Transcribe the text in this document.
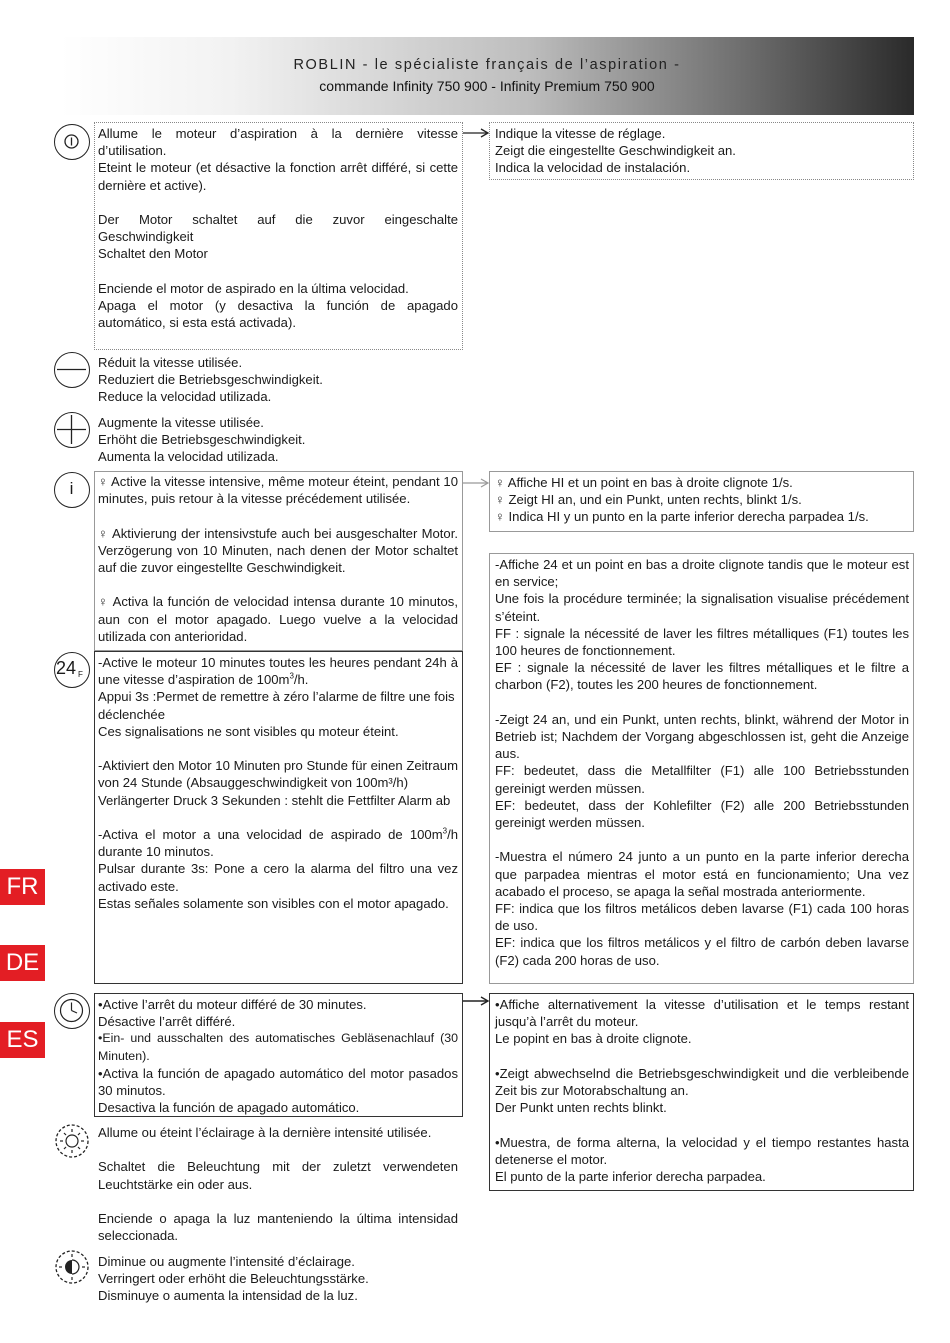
ROBLIN - le spécialiste français de l’aspiration -
commande Infinity 750 900 - Infinity Premium 750 900
FR
DE
ES

Allume le moteur d’aspiration à la dernière vitesse d’utilisation.

Eteint le moteur (et désactive la fonction arrêt différé, si cette dernière et active).

Der Motor schaltet auf die zuvor eingeschalte Geschwindigkeit

Schaltet den Motor

Enciende el motor de aspirado en la última velocidad.

Apaga el motor (y desactiva la función de apagado automático, si esta está activada).

Indique la vitesse de réglage.

Zeigt die eingestellte Geschwindigkeit an.

Indica la velocidad de instalación.

Réduit la vitesse utilisée.

Reduziert die Betriebsgeschwindigkeit.

Reduce la velocidad utilizada.

Augmente la vitesse utilisée.

Erhöht die Betriebsgeschwindigkeit.

Aumenta la velocidad utilizada.

i	♀ Active la vitesse intensive, même moteur éteint, pendant 10 minutes, puis retour à la vitesse précédement utilisée.

♀ Aktivierung der intensivstufe auch bei ausgeschalter Motor. Verzögerung von 10 Minuten, nach denen der Motor schaltet auf die zuvor eingestellte Geschwindigkeit.

♀ Activa la función de velocidad intensa durante 10 minutos, aun con el motor apagado. Luego vuelve a la velocidad utilizada con anterioridad.

♀ Affiche HI et un point en bas à droite clignote 1/s.

♀ Zeigt HI an, und ein Punkt, unten rechts, blinkt 1/s.

♀ Indica HI y un punto en la parte inferior derecha parpadea 1/s.

24 F

-Active le moteur 10 minutes toutes les heures pendant 24h à une vitesse d’aspiration de $100m^3/h$.

Appui 3s :Permet de remettre à zéro l’alarme de filtre une fois déclenchée

Ces signalisations ne sont visibles qu moteur éteint.

-Aktiviert den Motor 10 Minuten pro Stunde für einen Zeitraum von 24 Stunde (Absauggeschwindigkeit von 100m³/h)

Verlängerter Druck 3 Sekunden : stehlt die Fettfilter Alarm ab

-Activa el motor a una velocidad de aspirado de $100m^3/h$ durante 10 minutos.

Pulsar durante 3s: Pone a cero la alarma del filtro una vez activado este.

Estas señales solamente son visibles con el motor apagado.

-Affiche 24 et un point en bas a droite clignote tandis que le moteur est en service;

Une fois la procédure terminée; la signalisation visualise précédement s’éteint.

FF : signale la nécessité de laver les filtres métalliques (F1) toutes les 100 heures de fonctionnement.

EF : signale la nécessité de laver les filtres métalliques et le filtre a charbon (F2), toutes les 200 heures de fonctionnement.

-Zeigt 24 an, und ein Punkt, unten rechts, blinkt, während der Motor in Betrieb ist; Nachdem der Vorgang abgeschlossen ist, geht die Anzeige aus.

FF: bedeutet, dass die Metallfilter (F1) alle 100 Betriebsstunden gereinigt werden müssen.

EF: bedeutet, dass der Kohlefilter (F2) alle 200 Betriebsstunden gereinigt werden müssen.

-Muestra el número 24 junto a un punto en la parte inferior derecha que parpadea mientras el motor está en funcionamiento; Una vez acabado el proceso, se apaga la señal mostrada anteriormente.

FF: indica que los filtros metálicos deben lavarse (F1) cada 100 horas de uso.

EF: indica que los filtros metálicos y el filtro de carbón deben lavarse (F2) cada 200 horas de uso.

•Active l’arrêt du moteur différé de 30 minutes.

Désactive l’arrêt différé.

•Ein- und ausschalten des automatisches Gebläsenachlauf (30 Minuten).

•Activa la función de apagado automático del motor pasados 30 minutos.

Desactiva la función de apagado automático.

•Affiche alternativement la vitesse d’utilisation et le temps restant jusqu’à l’arrêt du moteur.

Le popint en bas à droite clignote.

•Zeigt abwechselnd die Betriebsgeschwindigkeit und die verbleibende Zeit bis zur Motorabschaltung an.

Der Punkt unten rechts blinkt.

•Muestra, de forma alterna, la velocidad y el tiempo restantes hasta detenerse el motor.

El punto de la parte inferior derecha parpadea.

Allume ou éteint l’éclairage à la dernière intensité utilisée.

Schaltet die Beleuchtung mit der zuletzt verwendeten Leuchtstärke ein oder aus.

Enciende o apaga la luz manteniendo la última intensidad seleccionada.

Diminue ou augmente l’intensité d’éclairage.

Verringert oder erhöht die Beleuchtungsstärke.

Disminuye o aumenta la intensidad de la luz.
